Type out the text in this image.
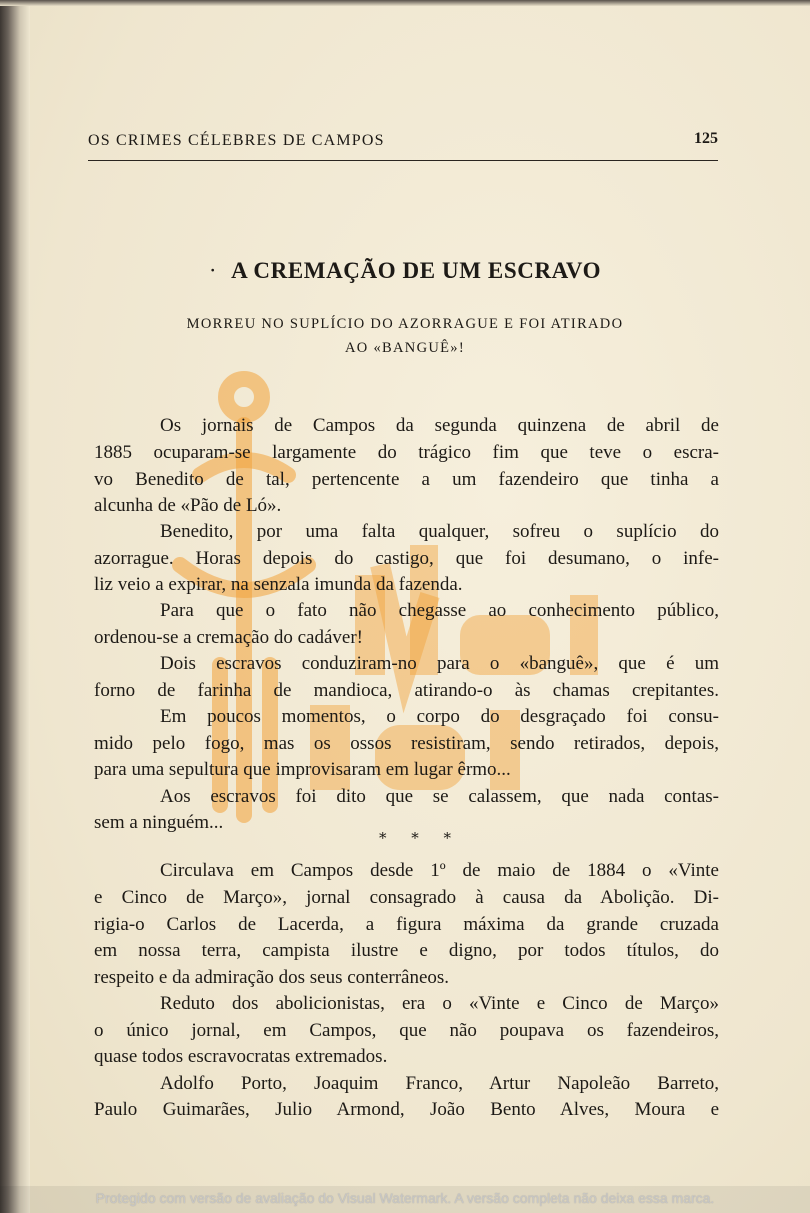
OS CRIMES CÉLEBRES DE CAMPOS	125
· A CREMAÇÃO DE UM ESCRAVO
MORREU NO SUPLÍCIO DO AZORRAGUE E FOI ATIRADO
AO «BANGUÊ»!
Os jornais de Campos da segunda quinzena de abril de
1885 ocuparam-se largamente do trágico fim que teve o escra-
vo Benedito de tal, pertencente a um fazendeiro que tinha a
alcunha de «Pão de Ló».
Benedito, por uma falta qualquer, sofreu o suplício do
azorrague. Horas depois do castigo, que foi desumano, o infe-
liz veio a expirar, na senzala imunda da fazenda.
Para que o fato não chegasse ao conhecimento público,
ordenou-se a cremação do cadáver!
Dois escravos conduziram-no para o «banguê», que é um
forno de farinha de mandioca, atirando-o às chamas crepitantes.
Em poucos momentos, o corpo do desgraçado foi consu-
mido pelo fogo, mas os ossos resistiram, sendo retirados, depois,
para uma sepultura que improvisaram em lugar êrmo...
Aos escravos foi dito que se calassem, que nada contas-
sem a ninguém...
* * *
Circulava em Campos desde 1º de maio de 1884 o «Vinte
e Cinco de Março», jornal consagrado à causa da Abolição. Di-
rigia-o Carlos de Lacerda, a figura máxima da grande cruzada
em nossa terra, campista ilustre e digno, por todos títulos, do
respeito e da admiração dos seus conterrâneos.
Reduto dos abolicionistas, era o «Vinte e Cinco de Março»
o único jornal, em Campos, que não poupava os fazendeiros,
quase todos escravocratas extremados.
Adolfo Porto, Joaquim Franco, Artur Napoleão Barreto,
Paulo Guimarães, Julio Armond, João Bento Alves, Moura e
Protegido com versão de avaliação do Visual Watermark. A versão completa não deixa essa marca.
